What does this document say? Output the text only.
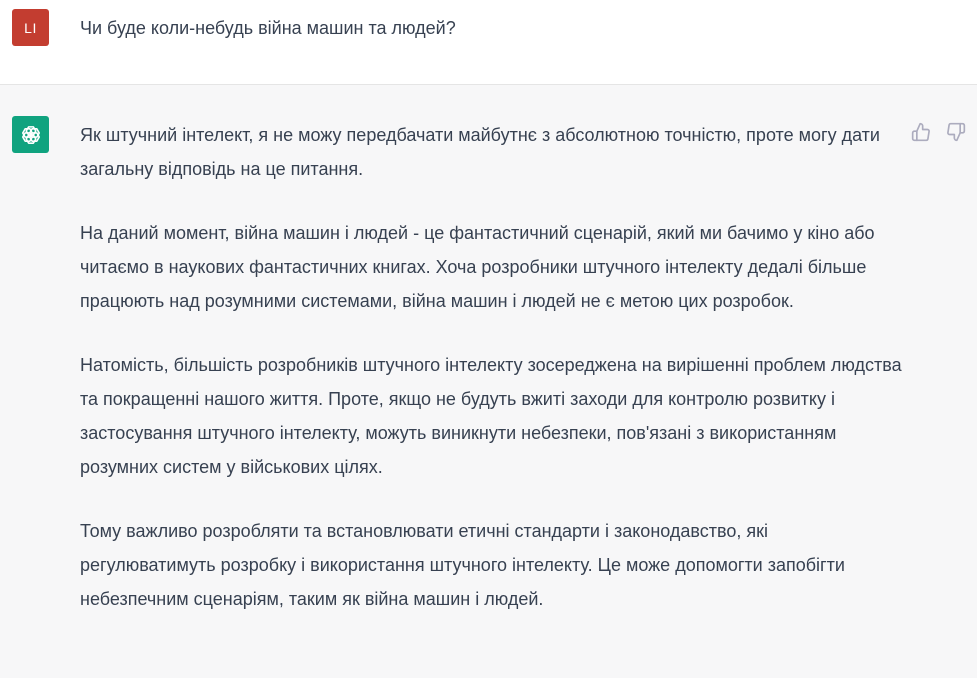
LI Чи буде коли-небудь війна машин та людей?

Як штучний інтелект, я не можу передбачати майбутнє з абсолютною точністю, проте могу дати загальну відповідь на це питання.

На даний момент, війна машин і людей - це фантастичний сценарій, який ми бачимо у кіно або читаємо в наукових фантастичних книгах. Хоча розробники штучного інтелекту дедалі більше працюють над розумними системами, війна машин і людей не є метою цих розробок.

Натомість, більшість розробників штучного інтелекту зосереджена на вирішенні проблем людства та покращенні нашого життя. Проте, якщо не будуть вжиті заходи для контролю розвитку і застосування штучного інтелекту, можуть виникнути небезпеки, пов'язані з використанням розумних систем у військових цілях.

Тому важливо розробляти та встановлювати етичні стандарти і законодавство, які регулюватимуть розробку і використання штучного інтелекту. Це може допомогти запобігти небезпечним сценаріям, таким як війна машин і людей.
